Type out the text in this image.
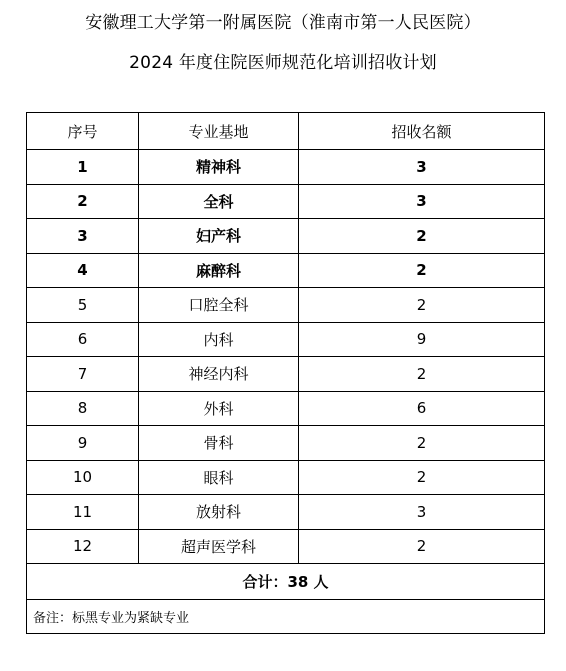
安徽理工大学第一附属医院（淮南市第一人民医院）
2024 年度住院医师规范化培训招收计划
序号	专业基地	招收名额
1	精神科	3
2	全科	3
3	妇产科	2
4	麻醉科	2
5	口腔全科	2
6	内科	9
7	神经内科	2
8	外科	6
9	骨科	2
10	眼科	2
11	放射科	3
12	超声医学科	2
合计：38 人		
备注：标黑专业为紧缺专业		
